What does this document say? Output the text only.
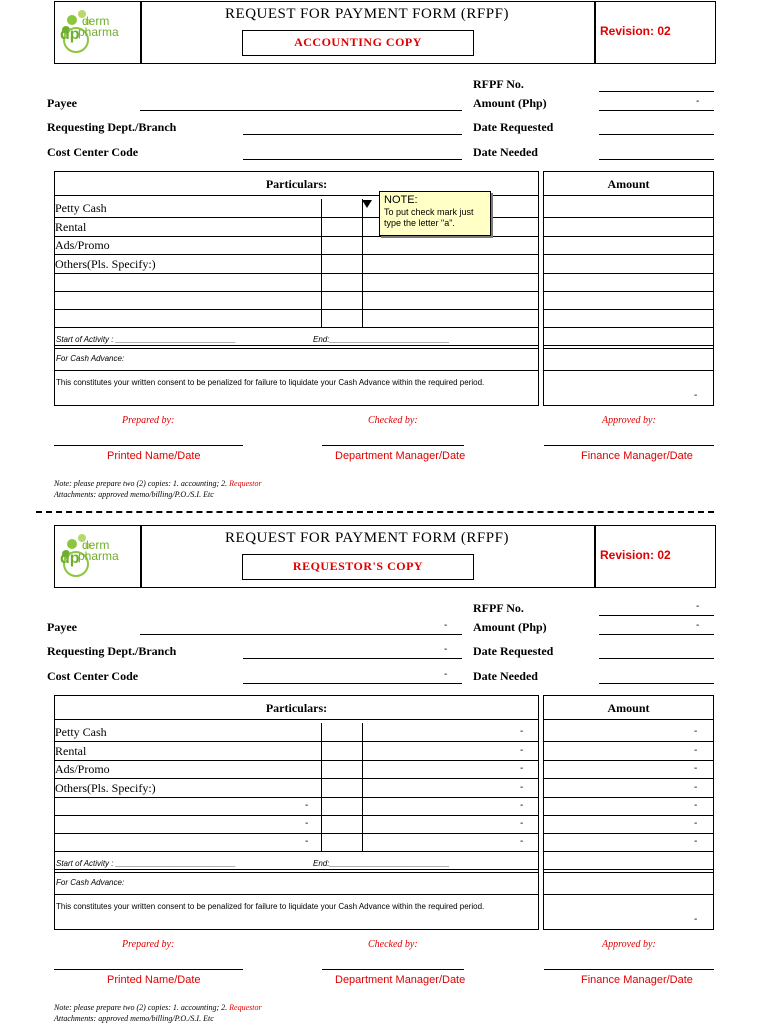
derm
pharma
dp
REQUEST FOR PAYMENT FORM (RFPF)
ACCOUNTING COPY
Revision: 02
Payee
Requesting Dept./Branch
Cost Center Code
RFPF No.
Amount (Php)	-
Date Requested
Date Needed
Particulars:	Amount
Petty Cash
Rental
Ads/Promo
Others(Pls. Specify:)
Start of Activity : ___________________________	End:___________________________
For Cash Advance:
This constitutes your written consent to be penalized for failure to liquidate your Cash Advance within the required period.
-
Prepared by:	Checked by:	Approved by:
Printed Name/Date	Department Manager/Date	Finance Manager/Date
Note: please prepare two (2) copies: 1. accounting; 2. Requestor
Attachments: approved memo/billing/P.O./S.I. Etc
NOTE:
To put check mark just type the letter "a".
derm
pharma
dp
REQUEST FOR PAYMENT FORM (RFPF)
REQUESTOR'S COPY
Revision: 02
Payee	-
Requesting Dept./Branch	-
Cost Center Code	-
RFPF No.	-
Amount (Php)	-
Date Requested
Date Needed
Particulars:	Amount
Petty Cash
Rental
Ads/Promo
Others(Pls. Specify:)
-
-
-
-
-
-
-
-
-
-
-
-
-
-
-
-
-
Start of Activity : ___________________________	End:___________________________
For Cash Advance:
This constitutes your written consent to be penalized for failure to liquidate your Cash Advance within the required period.
-
Prepared by:	Checked by:	Approved by:
Printed Name/Date	Department Manager/Date	Finance Manager/Date
Note: please prepare two (2) copies: 1. accounting; 2. Requestor
Attachments: approved memo/billing/P.O./S.I. Etc
